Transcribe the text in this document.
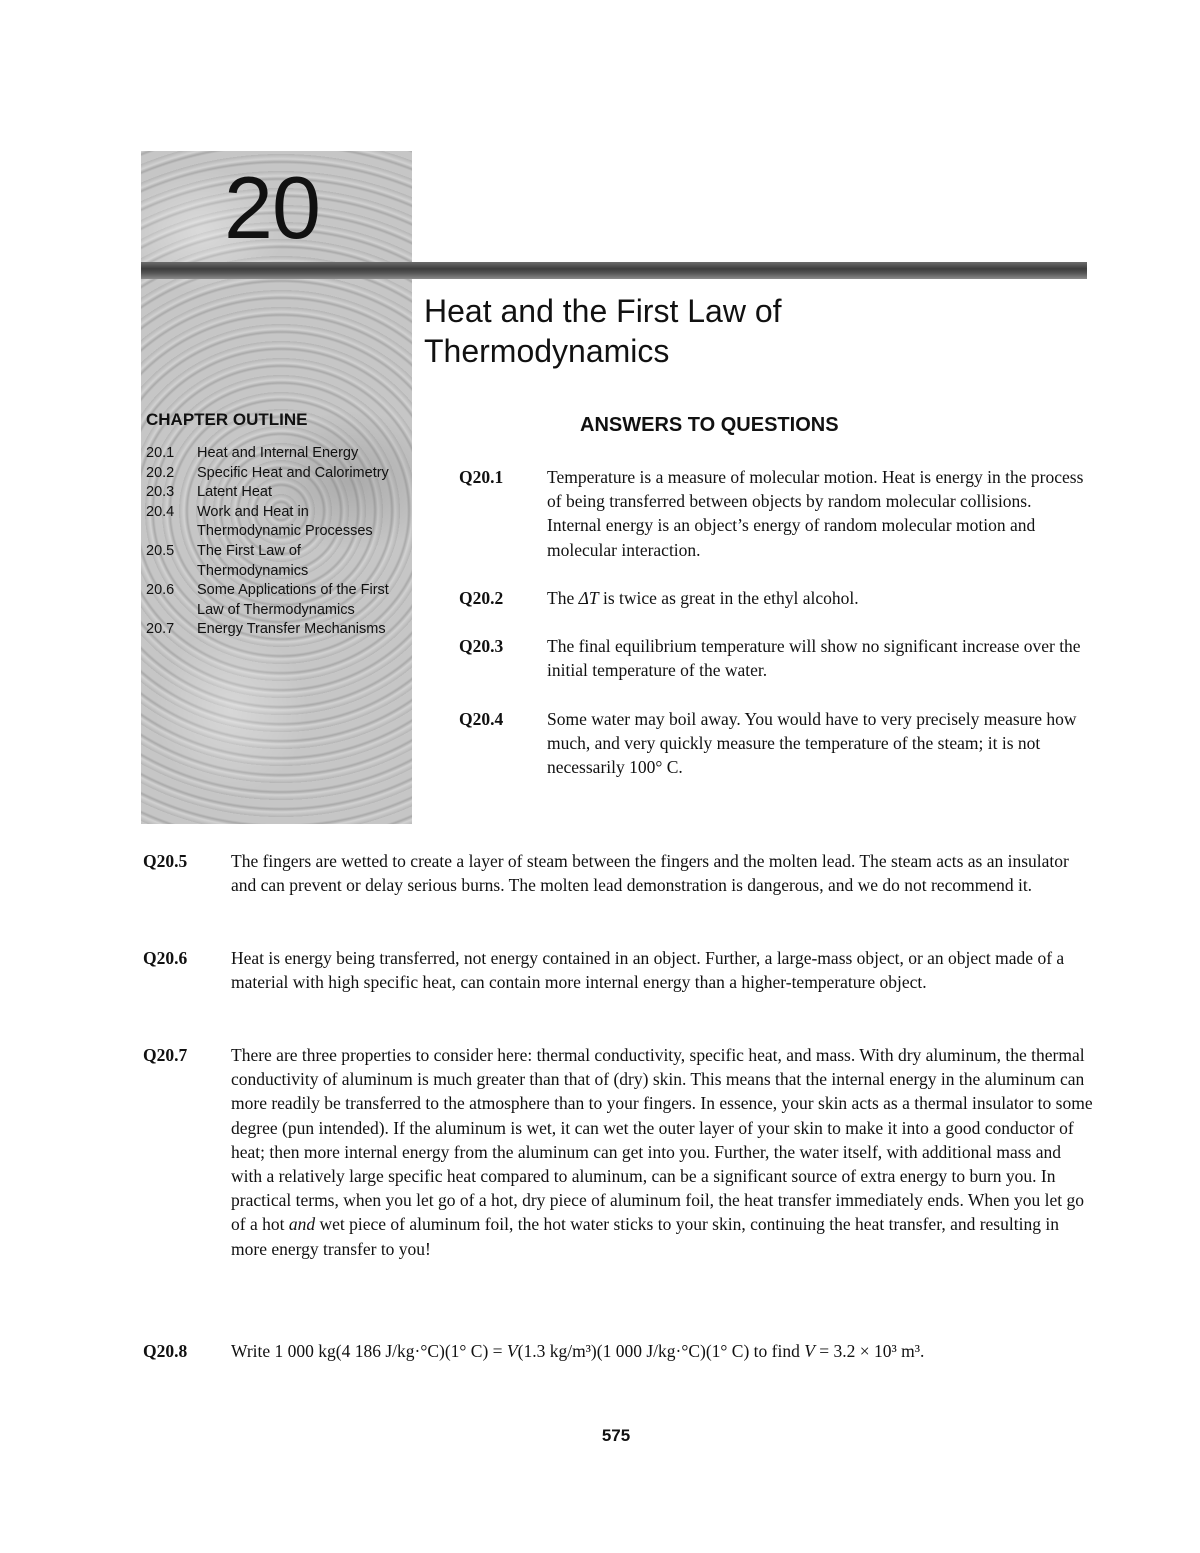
20
Heat and the First Law of Thermodynamics
CHAPTER OUTLINE
20.1	Heat and Internal Energy
20.2	Specific Heat and Calorimetry
20.3	Latent Heat
20.4	Work and Heat in Thermodynamic Processes
20.5	The First Law of Thermodynamics
20.6	Some Applications of the First Law of Thermodynamics
20.7	Energy Transfer Mechanisms
ANSWERS TO QUESTIONS
Q20.1	Temperature is a measure of molecular motion. Heat is energy in the process of being transferred between objects by random molecular collisions. Internal energy is an object’s energy of random molecular motion and molecular interaction.

Q20.2	The ΔT is twice as great in the ethyl alcohol.

Q20.3	The final equilibrium temperature will show no significant increase over the initial temperature of the water.

Q20.4	Some water may boil away. You would have to very precisely measure how much, and very quickly measure the temperature of the steam; it is not necessarily 100° C.

Q20.5	The fingers are wetted to create a layer of steam between the fingers and the molten lead. The steam acts as an insulator and can prevent or delay serious burns. The molten lead demonstration is dangerous, and we do not recommend it.

Q20.6	Heat is energy being transferred, not energy contained in an object. Further, a large-mass object, or an object made of a material with high specific heat, can contain more internal energy than a higher-temperature object.

Q20.7	There are three properties to consider here: thermal conductivity, specific heat, and mass. With dry aluminum, the thermal conductivity of aluminum is much greater than that of (dry) skin. This means that the internal energy in the aluminum can more readily be transferred to the atmosphere than to your fingers. In essence, your skin acts as a thermal insulator to some degree (pun intended). If the aluminum is wet, it can wet the outer layer of your skin to make it into a good conductor of heat; then more internal energy from the aluminum can get into you. Further, the water itself, with additional mass and with a relatively large specific heat compared to aluminum, can be a significant source of extra energy to burn you. In practical terms, when you let go of a hot, dry piece of aluminum foil, the heat transfer immediately ends. When you let go of a hot and wet piece of aluminum foil, the hot water sticks to your skin, continuing the heat transfer, and resulting in more energy transfer to you!

Q20.8	Write 1 000 kg(4 186 J/kg·°C)(1° C) = V(1.3 kg/m³)(1 000 J/kg·°C)(1° C) to find V = 3.2 × 10³ m³.

575
